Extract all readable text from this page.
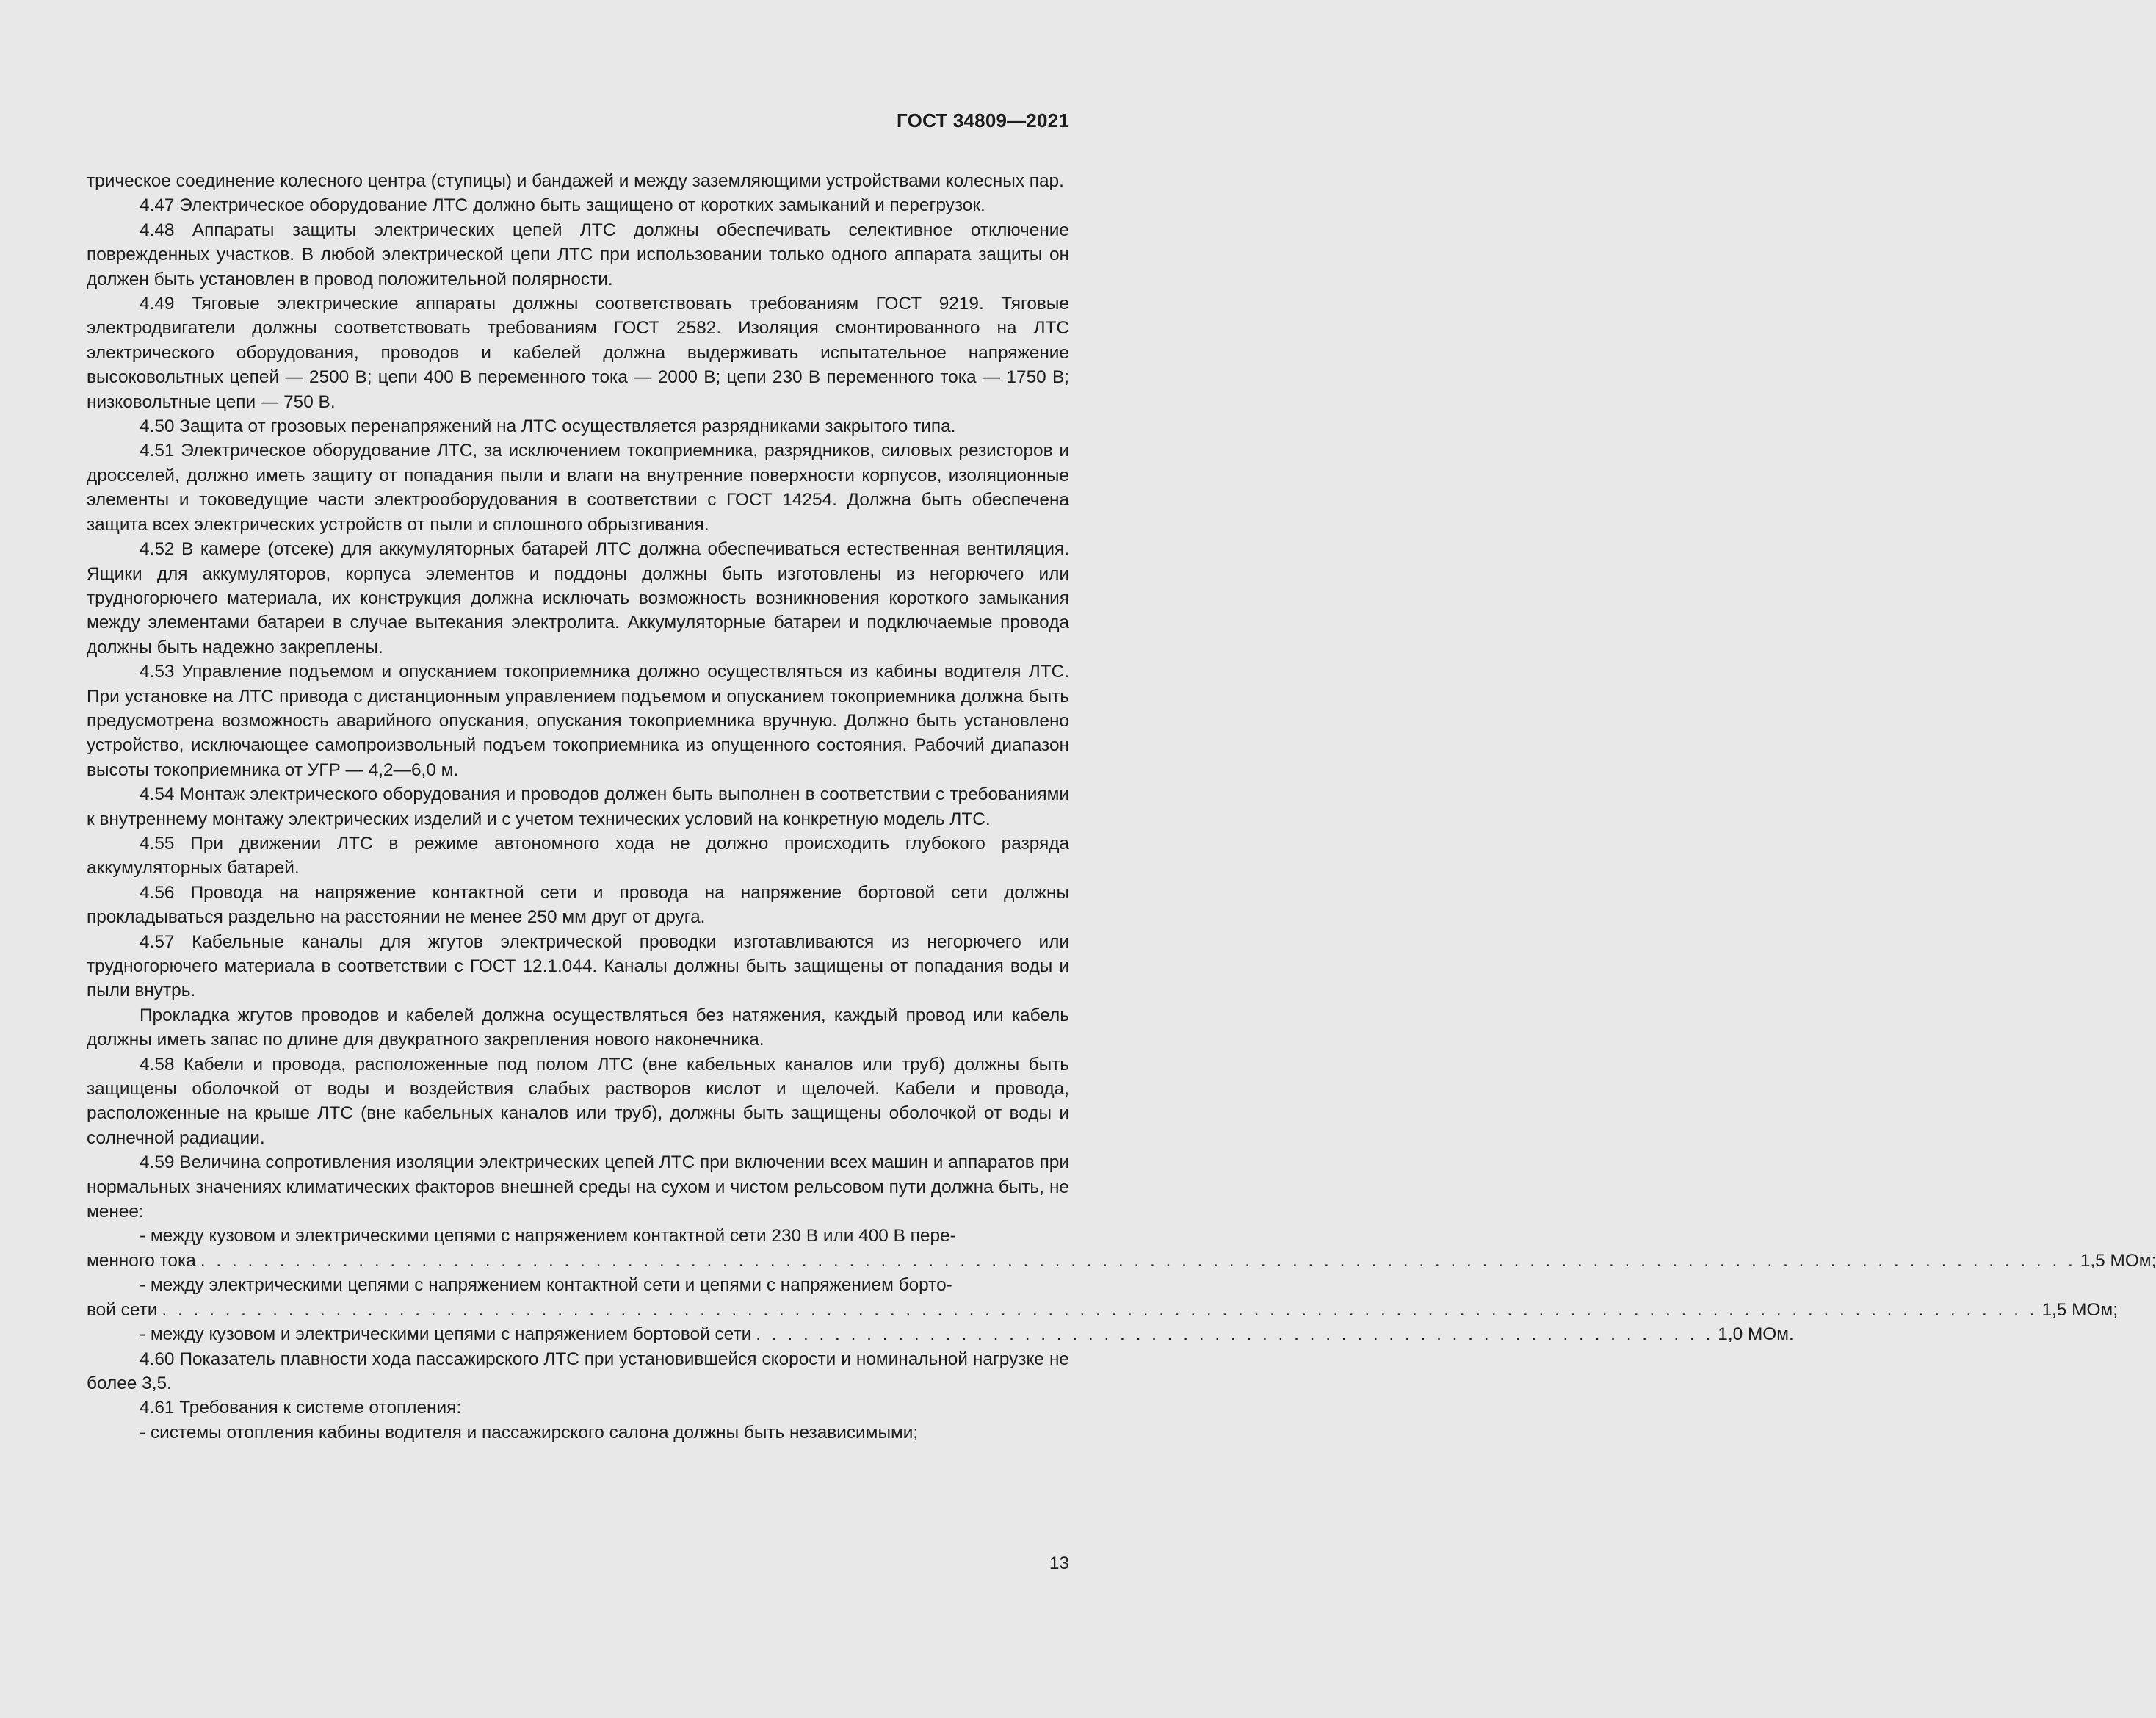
ГОСТ 34809—2021

трическое соединение колесного центра (ступицы) и бандажей и между заземляющими устройствами колесных пар.

4.47 Электрическое оборудование ЛТС должно быть защищено от коротких замыканий и перегрузок.

4.48 Аппараты защиты электрических цепей ЛТС должны обеспечивать селективное отключение поврежденных участков. В любой электрической цепи ЛТС при использовании только одного аппарата защиты он должен быть установлен в провод положительной полярности.

4.49 Тяговые электрические аппараты должны соответствовать требованиям ГОСТ 9219. Тяговые электродвигатели должны соответствовать требованиям ГОСТ 2582. Изоляция смонтированного на ЛТС электрического оборудования, проводов и кабелей должна выдерживать испытательное напряжение высоковольтных цепей — 2500 В; цепи 400 В переменного тока — 2000 В; цепи 230 В переменного тока — 1750 В; низковольтные цепи — 750 В.

4.50 Защита от грозовых перенапряжений на ЛТС осуществляется разрядниками закрытого типа.

4.51 Электрическое оборудование ЛТС, за исключением токоприемника, разрядников, силовых резисторов и дросселей, должно иметь защиту от попадания пыли и влаги на внутренние поверхности корпусов, изоляционные элементы и токоведущие части электрооборудования в соответствии с ГОСТ 14254. Должна быть обеспечена защита всех электрических устройств от пыли и сплошного обрызгивания.

4.52 В камере (отсеке) для аккумуляторных батарей ЛТС должна обеспечиваться естественная вентиляция. Ящики для аккумуляторов, корпуса элементов и поддоны должны быть изготовлены из негорючего или трудногорючего материала, их конструкция должна исключать возможность возникновения короткого замыкания между элементами батареи в случае вытекания электролита. Аккумуляторные батареи и подключаемые провода должны быть надежно закреплены.

4.53 Управление подъемом и опусканием токоприемника должно осуществляться из кабины водителя ЛТС. При установке на ЛТС привода с дистанционным управлением подъемом и опусканием токоприемника должна быть предусмотрена возможность аварийного опускания, опускания токоприемника вручную. Должно быть установлено устройство, исключающее самопроизвольный подъем токоприемника из опущенного состояния. Рабочий диапазон высоты токоприемника от УГР — 4,2—6,0 м.

4.54 Монтаж электрического оборудования и проводов должен быть выполнен в соответствии с требованиями к внутреннему монтажу электрических изделий и с учетом технических условий на конкретную модель ЛТС.

4.55 При движении ЛТС в режиме автономного хода не должно происходить глубокого разряда аккумуляторных батарей.

4.56 Провода на напряжение контактной сети и провода на напряжение бортовой сети должны прокладываться раздельно на расстоянии не менее 250 мм друг от друга.

4.57 Кабельные каналы для жгутов электрической проводки изготавливаются из негорючего или трудногорючего материала в соответствии с ГОСТ 12.1.044. Каналы должны быть защищены от попадания воды и пыли внутрь.

Прокладка жгутов проводов и кабелей должна осуществляться без натяжения, каждый провод или кабель должны иметь запас по длине для двукратного закрепления нового наконечника.

4.58 Кабели и провода, расположенные под полом ЛТС (вне кабельных каналов или труб) должны быть защищены оболочкой от воды и воздействия слабых растворов кислот и щелочей. Кабели и провода, расположенные на крыше ЛТС (вне кабельных каналов или труб), должны быть защищены оболочкой от воды и солнечной радиации.

4.59 Величина сопротивления изоляции электрических цепей ЛТС при включении всех машин и аппаратов при нормальных значениях климатических факторов внешней среды на сухом и чистом рельсовом пути должна быть, не менее:

- между кузовом и электрическими цепями с напряжением контактной сети 230 В или 400 В пере-

менного тока . . . . . . . . . . . . . . . . . . . . . . . . . . . . . . . . . . . . . . . . . . . . . . . . . . . . . . . . . . . . . . . . . . . . . . . . . . . . . . . . . . . . . . . . . . . . . . . . . . . . . . . . . . . . . . . . . . . . . . . 1,5 МОм;

- между электрическими цепями с напряжением контактной сети и цепями с напряжением борто-

вой сети . . . . . . . . . . . . . . . . . . . . . . . . . . . . . . . . . . . . . . . . . . . . . . . . . . . . . . . . . . . . . . . . . . . . . . . . . . . . . . . . . . . . . . . . . . . . . . . . . . . . . . . . . . . . . . . . . . . . . . . 1,5 МОм;
- между кузовом и электрическими цепями с напряжением бортовой сети . . . . . . . . . . . . . . . . . . . . . . . . . . . . . . . . . . . . . . . . . . . . . . . . . . . . . . . . . . . . . 1,0 МОм.

4.60 Показатель плавности хода пассажирского ЛТС при установившейся скорости и номинальной нагрузке не более 3,5.

4.61 Требования к системе отопления:

- системы отопления кабины водителя и пассажирского салона должны быть независимыми;

13
